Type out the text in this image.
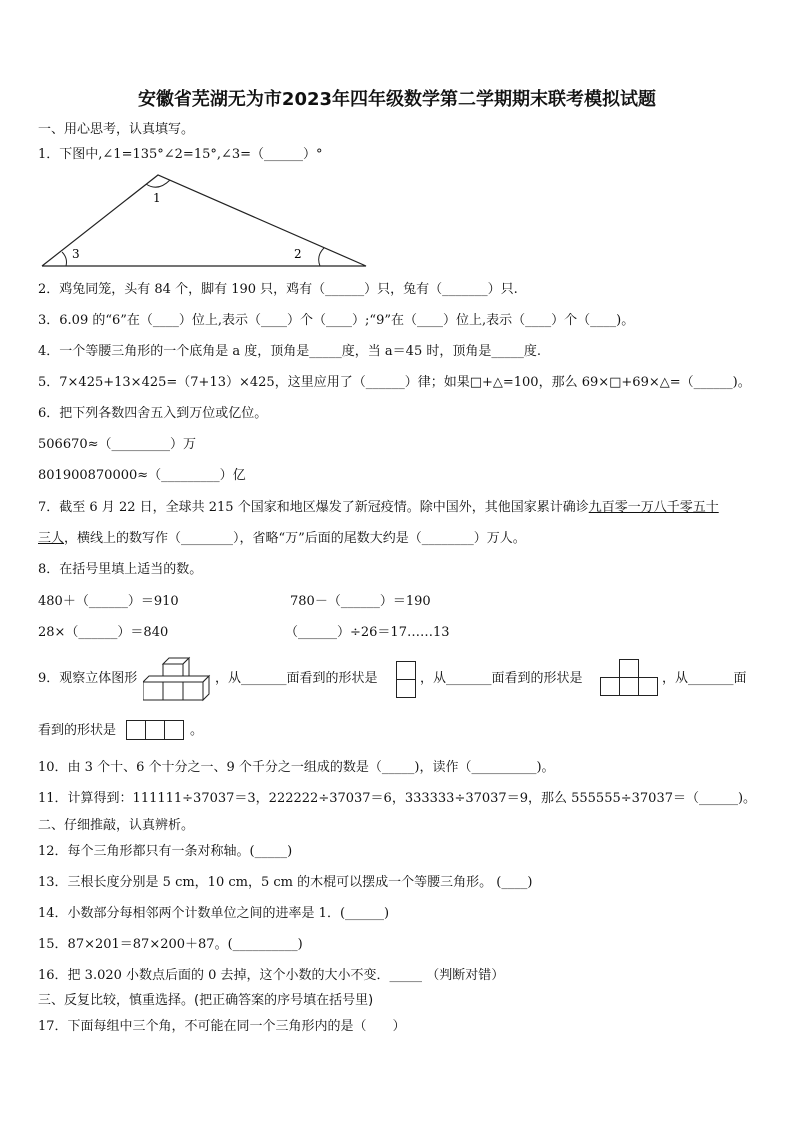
安徽省芜湖无为市2023年四年级数学第二学期期末联考模拟试题
一、用心思考，认真填写。
1．下图中,∠1=135°∠2=15°,∠3=（______）°
1
3	2
2．鸡兔同笼，头有 84 个，脚有 190 只，鸡有（______）只，兔有（_______）只.
3．6.09 的“6”在（____）位上,表示（____）个（____）;“9”在（____）位上,表示（____）个（____)。
4．一个等腰三角形的一个底角是 a 度，顶角是_____度，当 a＝45 时，顶角是_____度.
5．7×425+13×425=（7+13）×425，这里应用了（______）律；如果□+△=100，那么 69×□+69×△=（______)。
6．把下列各数四舍五入到万位或亿位。
506670≈（_________）万
801900870000≈（_________）亿
7．截至 6 月 22 日，全球共 215 个国家和地区爆发了新冠疫情。除中国外，其他国家累计确诊九百零一万八千零五十
三人，横线上的数写作（________），省略“万”后面的尾数大约是（________）万人。
8．在括号里填上适当的数。
480＋（______）＝910	780－（______）＝190
28×（______）＝840	（______）÷26＝17……13
9．观察立体图形	，从_______面看到的形状是	，从_______面看到的形状是	，从_______面
看到的形状是	。
10．由 3 个十、6 个十分之一、9 个千分之一组成的数是（_____)，读作（__________)。
11．计算得到：111111÷37037＝3，222222÷37037＝6，333333÷37037＝9，那么 555555÷37037＝（______)。
二、仔细推敲，认真辨析。
12．每个三角形都只有一条对称轴。(_____)
13．三根长度分别是 5 cm，10 cm，5 cm 的木棍可以摆成一个等腰三角形。 (____)
14．小数部分每相邻两个计数单位之间的进率是 1．(______)
15．87×201＝87×200＋87。(__________)
16．把 3.020 小数点后面的 0 去掉，这个小数的大小不变．_____ （判断对错）
三、反复比较，慎重选择。(把正确答案的序号填在括号里)
17．下面每组中三个角，不可能在同一个三角形内的是（　　）
